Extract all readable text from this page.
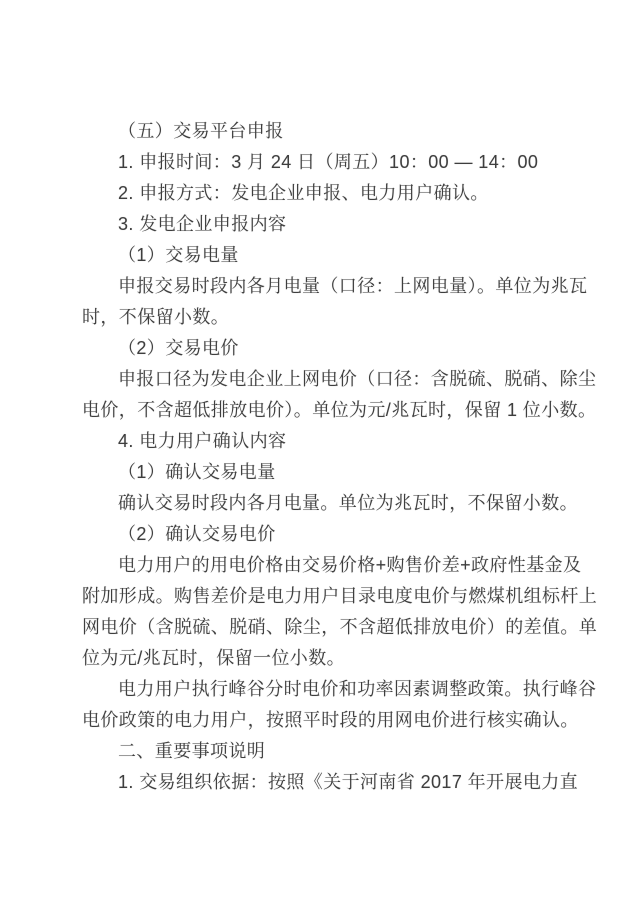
（五）交易平台申报
1. 申报时间：3 月 24 日（周五）10：00 — 14：00
2. 申报方式：发电企业申报、电力用户确认。
3. 发电企业申报内容
（1）交易电量
申报交易时段内各月电量（口径：上网电量）。单位为兆瓦
时，不保留小数。
（2）交易电价
申报口径为发电企业上网电价（口径：含脱硫、脱硝、除尘
电价，不含超低排放电价）。单位为元/兆瓦时，保留 1 位小数。
4. 电力用户确认内容
（1）确认交易电量
确认交易时段内各月电量。单位为兆瓦时，不保留小数。
（2）确认交易电价
电力用户的用电价格由交易价格+购售价差+政府性基金及
附加形成。购售差价是电力用户目录电度电价与燃煤机组标杆上
网电价（含脱硫、脱硝、除尘，不含超低排放电价）的差值。单
位为元/兆瓦时，保留一位小数。
电力用户执行峰谷分时电价和功率因素调整政策。执行峰谷
电价政策的电力用户，按照平时段的用网电价进行核实确认。
二、重要事项说明
1. 交易组织依据：按照《关于河南省 2017 年开展电力直
